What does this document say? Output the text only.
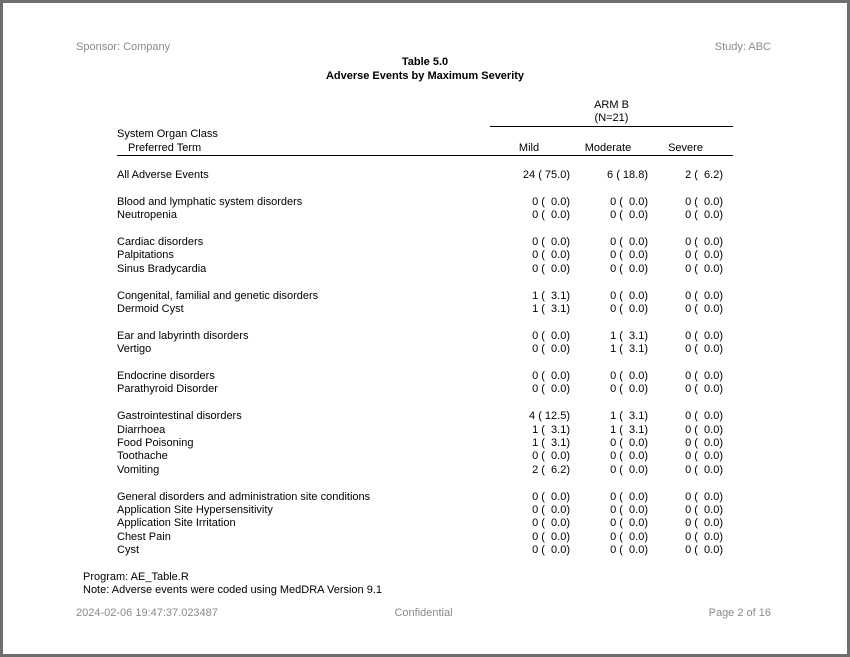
Sponsor: Company	Study: ABC
Table 5.0
Adverse Events by Maximum Severity

	ARM B
(N=21)		

System Organ Class
Preferred Term	Mild	Moderate	Severe

All Adverse Events	24 ( 75.0)	6 ( 18.8)	2 (  6.2)

Blood and lymphatic system disorders	0 (  0.0)	0 (  0.0)	0 (  0.0)
Neutropenia	0 (  0.0)	0 (  0.0)	0 (  0.0)

Cardiac disorders	0 (  0.0)	0 (  0.0)	0 (  0.0)
Palpitations	0 (  0.0)	0 (  0.0)	0 (  0.0)
Sinus Bradycardia	0 (  0.0)	0 (  0.0)	0 (  0.0)

Congenital, familial and genetic disorders	1 (  3.1)	0 (  0.0)	0 (  0.0)
Dermoid Cyst	1 (  3.1)	0 (  0.0)	0 (  0.0)

Ear and labyrinth disorders	0 (  0.0)	1 (  3.1)	0 (  0.0)
Vertigo	0 (  0.0)	1 (  3.1)	0 (  0.0)

Endocrine disorders	0 (  0.0)	0 (  0.0)	0 (  0.0)
Parathyroid Disorder	0 (  0.0)	0 (  0.0)	0 (  0.0)

Gastrointestinal disorders	4 ( 12.5)	1 (  3.1)	0 (  0.0)
Diarrhoea	1 (  3.1)	1 (  3.1)	0 (  0.0)
Food Poisoning	1 (  3.1)	0 (  0.0)	0 (  0.0)
Toothache	0 (  0.0)	0 (  0.0)	0 (  0.0)
Vomiting	2 (  6.2)	0 (  0.0)	0 (  0.0)

General disorders and administration site conditions	0 (  0.0)	0 (  0.0)	0 (  0.0)
Application Site Hypersensitivity	0 (  0.0)	0 (  0.0)	0 (  0.0)
Application Site Irritation	0 (  0.0)	0 (  0.0)	0 (  0.0)
Chest Pain	0 (  0.0)	0 (  0.0)	0 (  0.0)
Cyst	0 (  0.0)	0 (  0.0)	0 (  0.0)
Program: AE_Table.R
Note: Adverse events were coded using MedDRA Version 9.1
Confidential
2024-02-06 19:47:37.023487	Page 2 of 16
